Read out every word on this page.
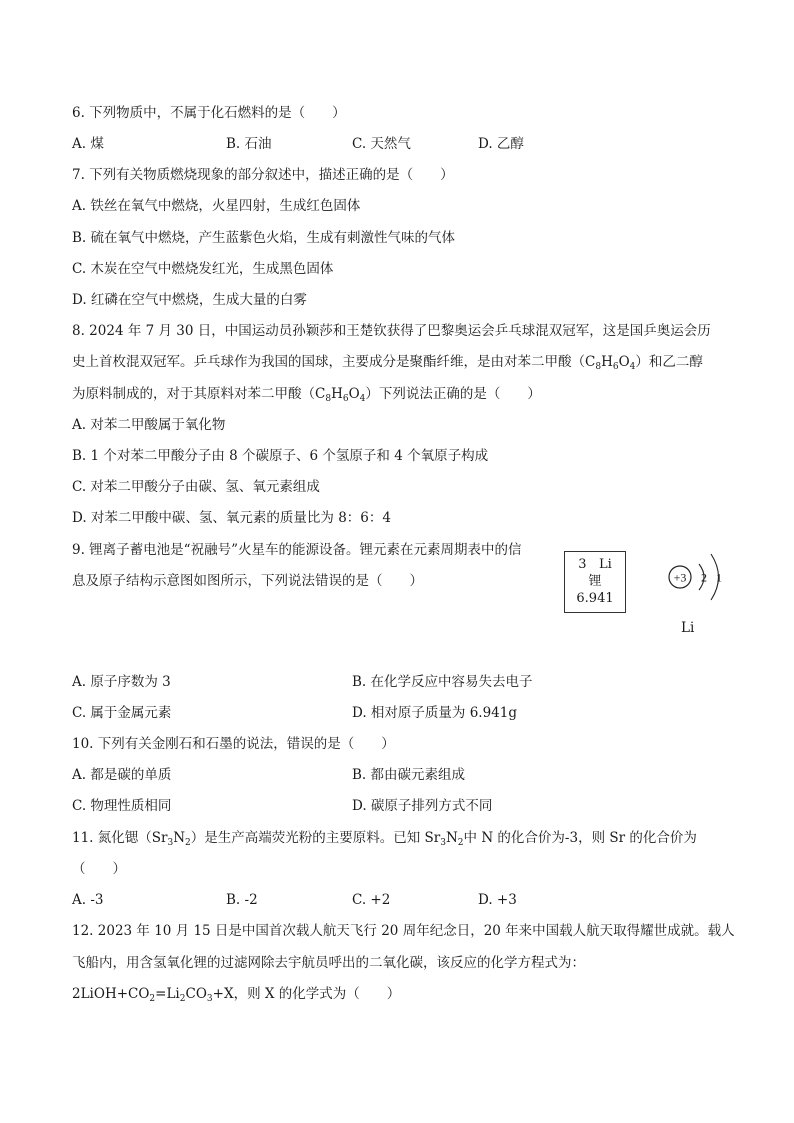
6. 下列物质中，不属于化石燃料的是（　　）
A. 煤	B. 石油	C. 天然气	D. 乙醇
7. 下列有关物质燃烧现象的部分叙述中，描述正确的是（　　）
A. 铁丝在氧气中燃烧，火星四射，生成红色固体
B. 硫在氧气中燃烧，产生蓝紫色火焰，生成有刺激性气味的气体
C. 木炭在空气中燃烧发红光，生成黑色固体
D. 红磷在空气中燃烧，生成大量的白雾
8. 2024 年 7 月 30 日，中国运动员孙颖莎和王楚钦获得了巴黎奥运会乒乓球混双冠军，这是国乒奥运会历
史上首枚混双冠军。乒乓球作为我国的国球，主要成分是聚酯纤维，是由对苯二甲酸$(C_8H_6O_4)$和乙二醇
为原料制成的，对于其原料对苯二甲酸$(C_8H_6O_4)$下列说法正确的是（　　）
A. 对苯二甲酸属于氧化物
B. 1 个对苯二甲酸分子由 8 个碳原子、6 个氢原子和 4 个氧原子构成
C. 对苯二甲酸分子由碳、氢、氧元素组成
D. 对苯二甲酸中碳、氢、氧元素的质量比为 8：6：4
9. 锂离子蓄电池是“祝融号”火星车的能源设备。锂元素在元素周期表中的信
息及原子结构示意图如图所示，下列说法错误的是（　　）
3 Li
锂
6.941
+3 2 1
Li
A. 原子序数为 3	B. 在化学反应中容易失去电子
C. 属于金属元素	D. 相对原子质量为 6.941g
10. 下列有关金刚石和石墨的说法，错误的是（　　）
A. 都是碳的单质	B. 都由碳元素组成
C. 物理性质相同	D. 碳原子排列方式不同
11. 氮化锶$(Sr_3N_2)$是生产高端荧光粉的主要原料。已知 $Sr_3N_2$中 N 的化合价为-3，则 Sr 的化合价为
（　　）
A. -3	B. -2	C. +2	D. +3
12. 2023 年 10 月 15 日是中国首次载人航天飞行 20 周年纪念日，20 年来中国载人航天取得耀世成就。载人
飞船内，用含氢氧化锂的过滤网除去宇航员呼出的二氧化碳，该反应的化学方程式为：
$2LiOH+CO_2=Li_2CO_3+X$，则 X 的化学式为（　　）
